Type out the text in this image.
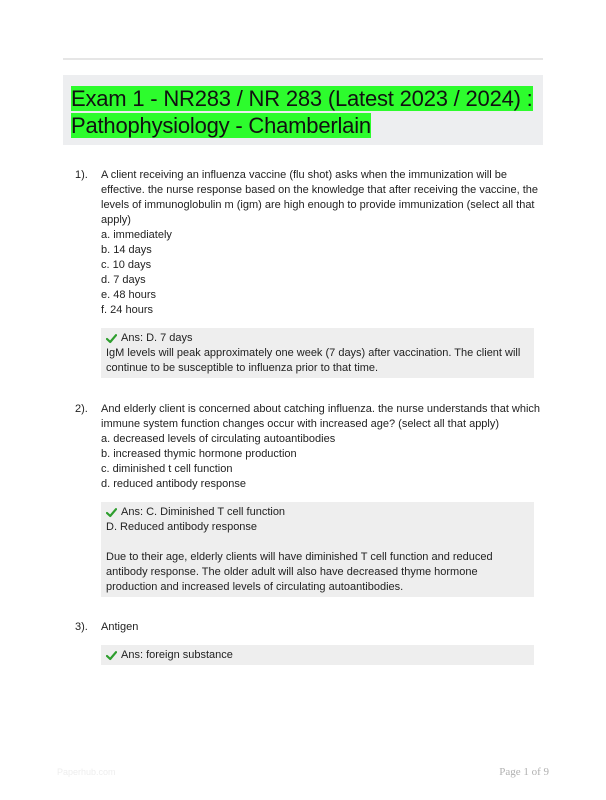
Exam 1 - NR283 / NR 283 (Latest 2023 / 2024) : Pathophysiology - Chamberlain
1).	A client receiving an influenza vaccine (flu shot) asks when the immunization will be effective. the nurse response based on the knowledge that after receiving the vaccine, the levels of immunoglobulin m (igm) are high enough to provide immunization (select all that apply)

a. immediately
b. 14 days
c. 10 days
d. 7 days
e. 48 hours
f. 24 hours
Ans: D. 7 days

IgM levels will peak approximately one week (7 days) after vaccination. The client will continue to be susceptible to influenza prior to that time.

2).	And elderly client is concerned about catching influenza. the nurse understands that which immune system function changes occur with increased age? (select all that apply)

a. decreased levels of circulating autoantibodies
b. increased thymic hormone production
c. diminished t cell function
d. reduced antibody response
Ans: C. Diminished T cell function

D. Reduced antibody response

Due to their age, elderly clients will have diminished T cell function and reduced antibody response. The older adult will also have decreased thyme hormone production and increased levels of circulating autoantibodies.

3).	Antigen

Ans: foreign substance
Paperhub.com	Page 1 of 9
